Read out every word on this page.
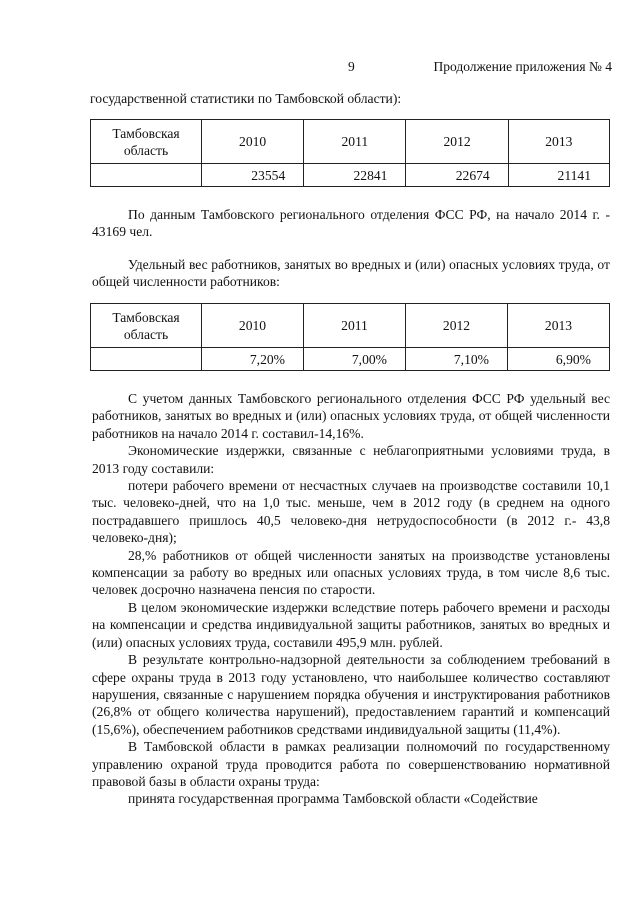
9	Продолжение приложения № 4
государственной статистики по Тамбовской области):
Тамбовская область	2010	2011	2012	2013
	23554	22841	22674	21141

По данным Тамбовского регионального отделения ФСС РФ, на начало 2014 г. - 43169 чел.

Удельный вес работников, занятых во вредных и (или) опасных условиях труда, от общей численности работников:

Тамбовская область	2010	2011	2012	2013
	7,20%	7,00%	7,10%	6,90%

С учетом данных Тамбовского регионального отделения ФСС РФ удельный вес работников, занятых во вредных и (или) опасных условиях труда, от общей численности работников на начало 2014 г. составил-14,16%.

Экономические издержки, связанные с неблагоприятными условиями труда, в 2013 году составили:

потери рабочего времени от несчастных случаев на производстве составили 10,1 тыс. человеко-дней, что на 1,0 тыс. меньше, чем в 2012 году (в среднем на одного пострадавшего пришлось 40,5 человеко-дня нетрудоспособности (в 2012 г.- 43,8 человеко-дня);

28,% работников от общей численности занятых на производстве установлены компенсации за работу во вредных или опасных условиях труда, в том числе 8,6 тыс. человек досрочно назначена пенсия по старости.

В целом экономические издержки вследствие потерь рабочего времени и расходы на компенсации и средства индивидуальной защиты работников, занятых во вредных и (или) опасных условиях труда, составили 495,9 млн. рублей.

В результате контрольно-надзорной деятельности за соблюдением требований в сфере охраны труда в 2013 году установлено, что наибольшее количество составляют нарушения, связанные с нарушением порядка обучения и инструктирования работников (26,8% от общего количества нарушений), предоставлением гарантий и компенсаций (15,6%), обеспечением работников средствами индивидуальной защиты (11,4%).

В Тамбовской области в рамках реализации полномочий по государственному управлению охраной труда проводится работа по совершенствованию нормативной правовой базы в области охраны труда:

принята государственная программа Тамбовской области «Содействие
